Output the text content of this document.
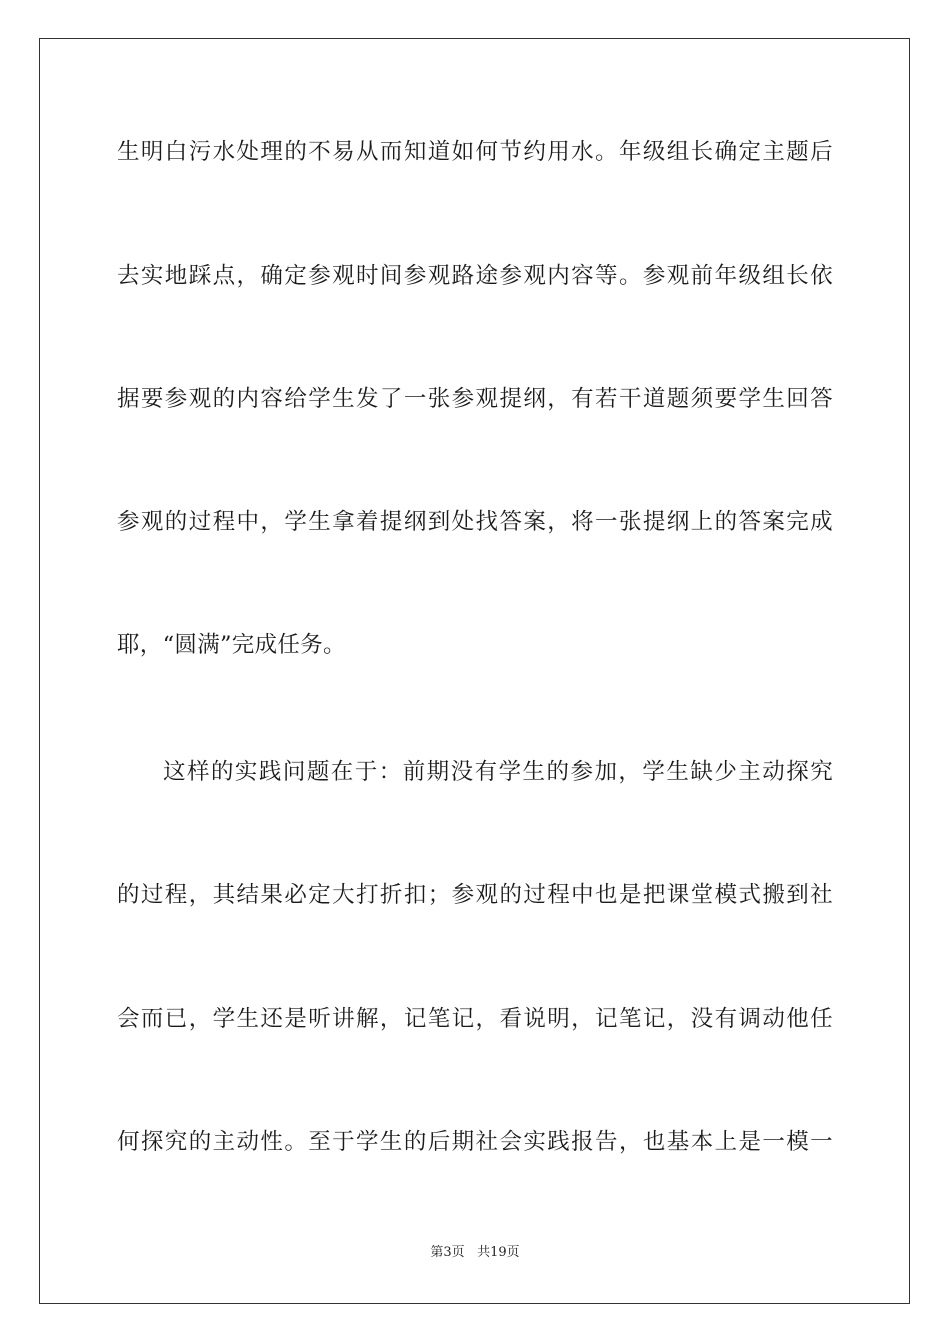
生明白污水处理的不易从而知道如何节约用水。年级组长确定主题后
去实地踩点，确定参观时间参观路途参观内容等。参观前年级组长依
据要参观的内容给学生发了一张参观提纲，有若干道题须要学生回答
参观的过程中，学生拿着提纲到处找答案，将一张提纲上的答案完成
耶，“圆满”完成任务。
这样的实践问题在于：前期没有学生的参加，学生缺少主动探究
的过程，其结果必定大打折扣；参观的过程中也是把课堂模式搬到社
会而已，学生还是听讲解，记笔记，看说明，记笔记，没有调动他任
何探究的主动性。至于学生的后期社会实践报告，也基本上是一模一
第3页 共19页
